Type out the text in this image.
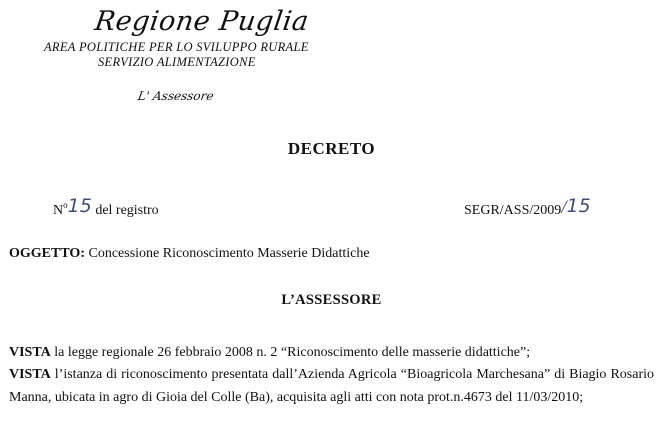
Regione Puglia
AREA POLITICHE PER LO SVILUPPO RURALE
SERVIZIO ALIMENTAZIONE
L' Assessore
DECRETO
$N^o15$ del registro	SEGR/ASS/2009/15
OGGETTO: Concessione Riconoscimento Masserie Didattiche
L’ASSESSORE
VISTA la legge regionale 26 febbraio 2008 n. 2 “Riconoscimento delle masserie didattiche”;
VISTA l’istanza di riconoscimento presentata dall’Azienda Agricola “Bioagricola Marchesana” di Biagio Rosario Manna, ubicata in agro di Gioia del Colle (Ba), acquisita agli atti con nota prot.n.4673 del 11/03/2010;
